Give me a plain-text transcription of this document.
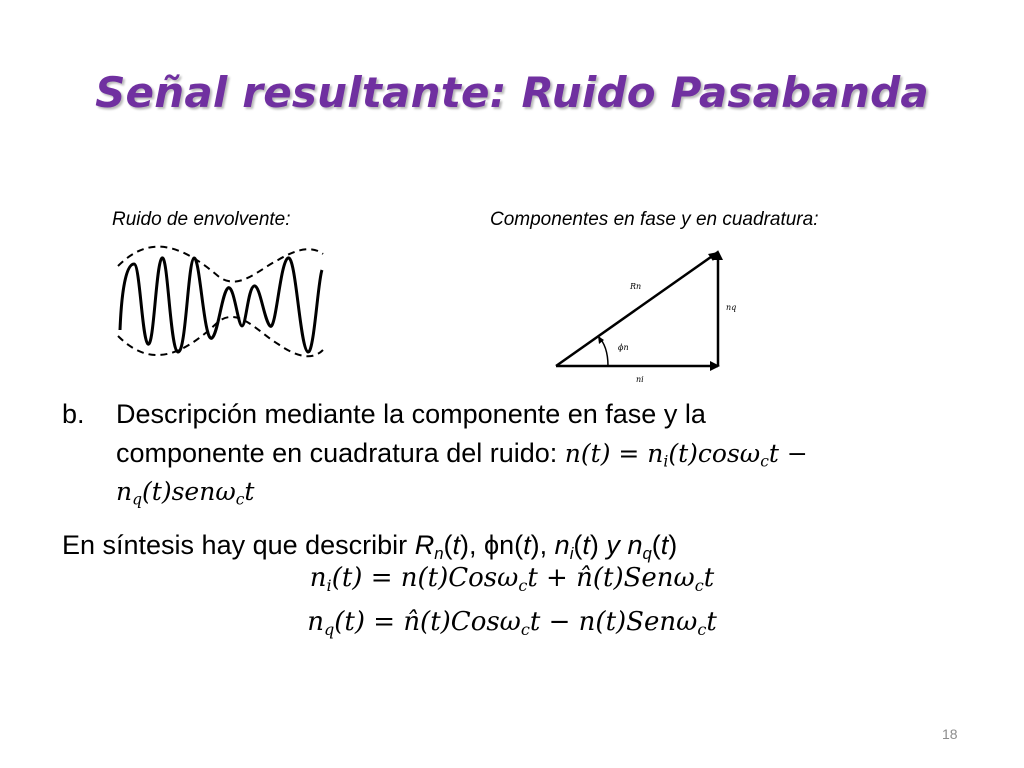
Señal resultante: Ruido Pasabanda
Ruido de envolvente:	Componentes en fase y en cuadratura:
Rn
ϕn
nq
ni
b. Descripción mediante la componente en fase y la
componente en cuadratura del ruido: $n(t) = n_i(t)\cos\omega_ct$ −
$n_q(t)sen\omega_ct$
En síntesis hay que describir $R_n(t)$, ϕn(t), $n_i(t)$ y $n_q(t)$
$n_i(t) = n(t)Cos\omega_ct$ + n̂(t)Senω$_c$t
$n_q(t)$ = n̂(t)Cosω$_c$t − n(t)Senω$_c$t
18
